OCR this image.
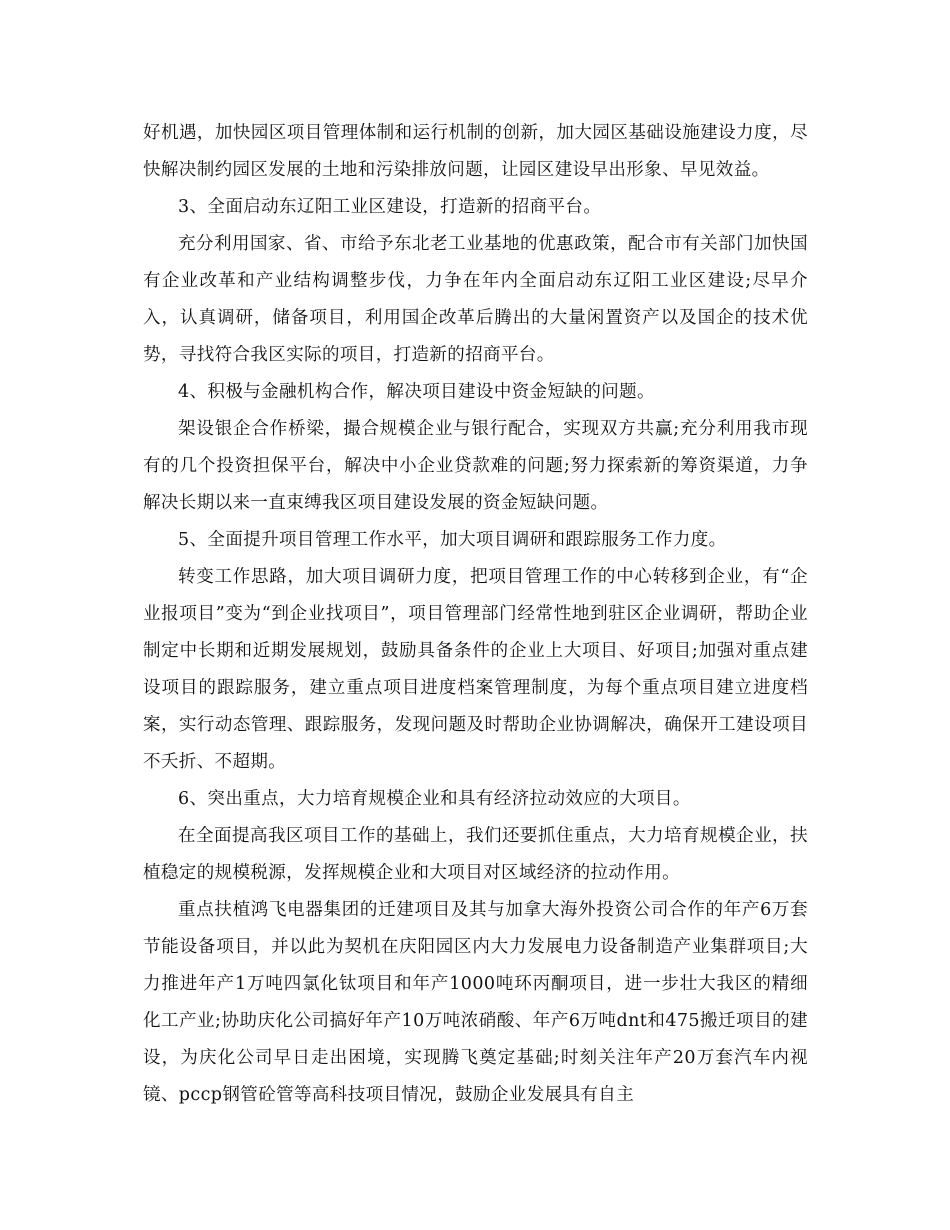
好机遇，加快园区项目管理体制和运行机制的创新，加大园区基础设施建设力度，尽快解决制约园区发展的土地和污染排放问题，让园区建设早出形象、早见效益。

3、全面启动东辽阳工业区建设，打造新的招商平台。

充分利用国家、省、市给予东北老工业基地的优惠政策，配合市有关部门加快国有企业改革和产业结构调整步伐，力争在年内全面启动东辽阳工业区建设;尽早介入，认真调研，储备项目，利用国企改革后腾出的大量闲置资产以及国企的技术优势，寻找符合我区实际的项目，打造新的招商平台。

4、积极与金融机构合作，解决项目建设中资金短缺的问题。

架设银企合作桥梁，撮合规模企业与银行配合，实现双方共赢;充分利用我市现有的几个投资担保平台，解决中小企业贷款难的问题;努力探索新的筹资渠道，力争解决长期以来一直束缚我区项目建设发展的资金短缺问题。

5、全面提升项目管理工作水平，加大项目调研和跟踪服务工作力度。

转变工作思路，加大项目调研力度，把项目管理工作的中心转移到企业，有“企业报项目”变为“到企业找项目”，项目管理部门经常性地到驻区企业调研，帮助企业制定中长期和近期发展规划，鼓励具备条件的企业上大项目、好项目;加强对重点建设项目的跟踪服务，建立重点项目进度档案管理制度，为每个重点项目建立进度档案，实行动态管理、跟踪服务，发现问题及时帮助企业协调解决，确保开工建设项目不夭折、不超期。

6、突出重点，大力培育规模企业和具有经济拉动效应的大项目。

在全面提高我区项目工作的基础上，我们还要抓住重点，大力培育规模企业，扶植稳定的规模税源，发挥规模企业和大项目对区域经济的拉动作用。

重点扶植鸿飞电器集团的迁建项目及其与加拿大海外投资公司合作的年产6万套节能设备项目，并以此为契机在庆阳园区内大力发展电力设备制造产业集群项目;大力推进年产1万吨四氯化钛项目和年产1000吨环丙酮项目，进一步壮大我区的精细化工产业;协助庆化公司搞好年产10万吨浓硝酸、年产6万吨dnt和475搬迁项目的建设，为庆化公司早日走出困境，实现腾飞奠定基础;时刻关注年产20万套汽车内视镜、pccp钢管砼管等高科技项目情况，鼓励企业发展具有自主
